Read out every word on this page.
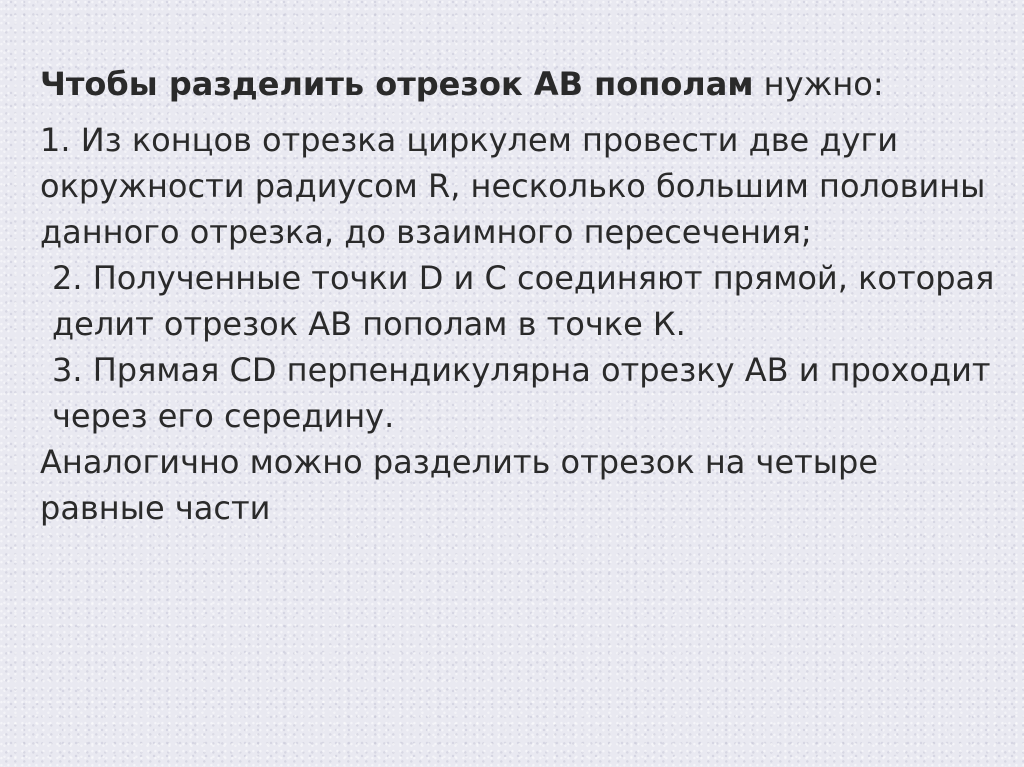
Чтобы разделить отрезок АВ пополам нужно:

1. Из концов отрезка циркулем провести две дуги окружности радиусом R, несколько большим половины данного отрезка, до взаимного пересечения;

2. Полученные точки D и С соединяют прямой, которая делит отрезок АВ пополам в точке К.

3. Прямая CD перпендикулярна отрезку АВ и проходит через его середину.

Аналогично можно разделить отрезок на четыре равные части
